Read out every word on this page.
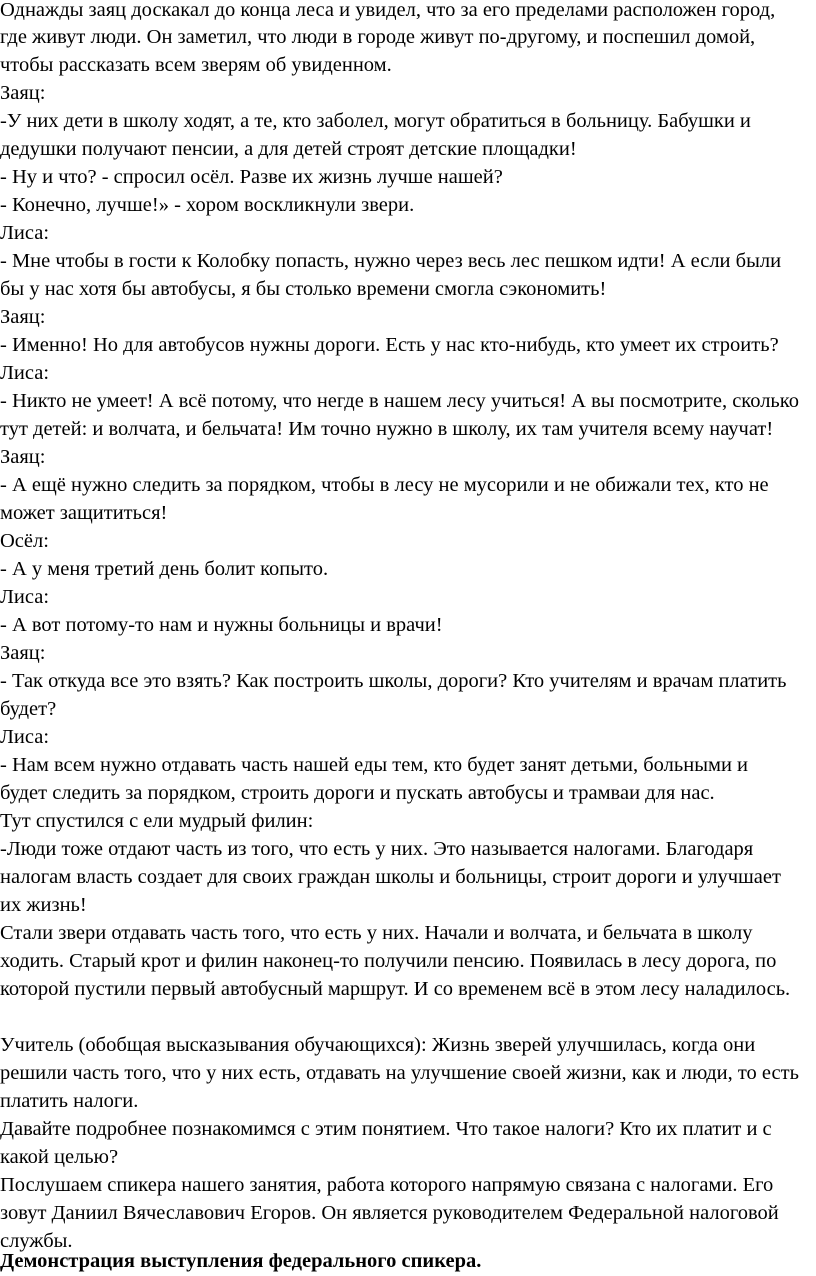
Однажды заяц доскакал до конца леса и увидел, что за его пределами расположен город,
где живут люди. Он заметил, что люди в городе живут по-другому, и поспешил домой,
чтобы рассказать всем зверям об увиденном.
Заяц:
-У них дети в школу ходят, а те, кто заболел, могут обратиться в больницу. Бабушки и
дедушки получают пенсии, а для детей строят детские площадки!
- Ну и что? - спросил осёл. Разве их жизнь лучше нашей?
- Конечно, лучше!» - хором воскликнули звери.
Лиса:
- Мне чтобы в гости к Колобку попасть, нужно через весь лес пешком идти! А если были
бы у нас хотя бы автобусы, я бы столько времени смогла сэкономить!
Заяц:
- Именно! Но для автобусов нужны дороги. Есть у нас кто-нибудь, кто умеет их строить?
Лиса:
- Никто не умеет! А всё потому, что негде в нашем лесу учиться! А вы посмотрите, сколько
тут детей: и волчата, и бельчата! Им точно нужно в школу, их там учителя всему научат!
Заяц:
- А ещё нужно следить за порядком, чтобы в лесу не мусорили и не обижали тех, кто не
может защититься!
Осёл:
- А у меня третий день болит копыто.
Лиса:
- А вот потому-то нам и нужны больницы и врачи!
Заяц:
- Так откуда все это взять? Как построить школы, дороги? Кто учителям и врачам платить
будет?
Лиса:
- Нам всем нужно отдавать часть нашей еды тем, кто будет занят детьми, больными и
будет следить за порядком, строить дороги и пускать автобусы и трамваи для нас.
Тут спустился с ели мудрый филин:
-Люди тоже отдают часть из того, что есть у них. Это называется налогами. Благодаря
налогам власть создает для своих граждан школы и больницы, строит дороги и улучшает
их жизнь!
Стали звери отдавать часть того, что есть у них. Начали и волчата, и бельчата в школу
ходить. Старый крот и филин наконец-то получили пенсию. Появилась в лесу дорога, по
которой пустили первый автобусный маршрут. И со временем всё в этом лесу наладилось.
Учитель (обобщая высказывания обучающихся): Жизнь зверей улучшилась, когда они
решили часть того, что у них есть, отдавать на улучшение своей жизни, как и люди, то есть
платить налоги.
Давайте подробнее познакомимся с этим понятием. Что такое налоги? Кто их платит и с
какой целью?
Послушаем спикера нашего занятия, работа которого напрямую связана с налогами. Его
зовут Даниил Вячеславович Егоров. Он является руководителем Федеральной налоговой
службы.
Демонстрация выступления федерального спикера.
